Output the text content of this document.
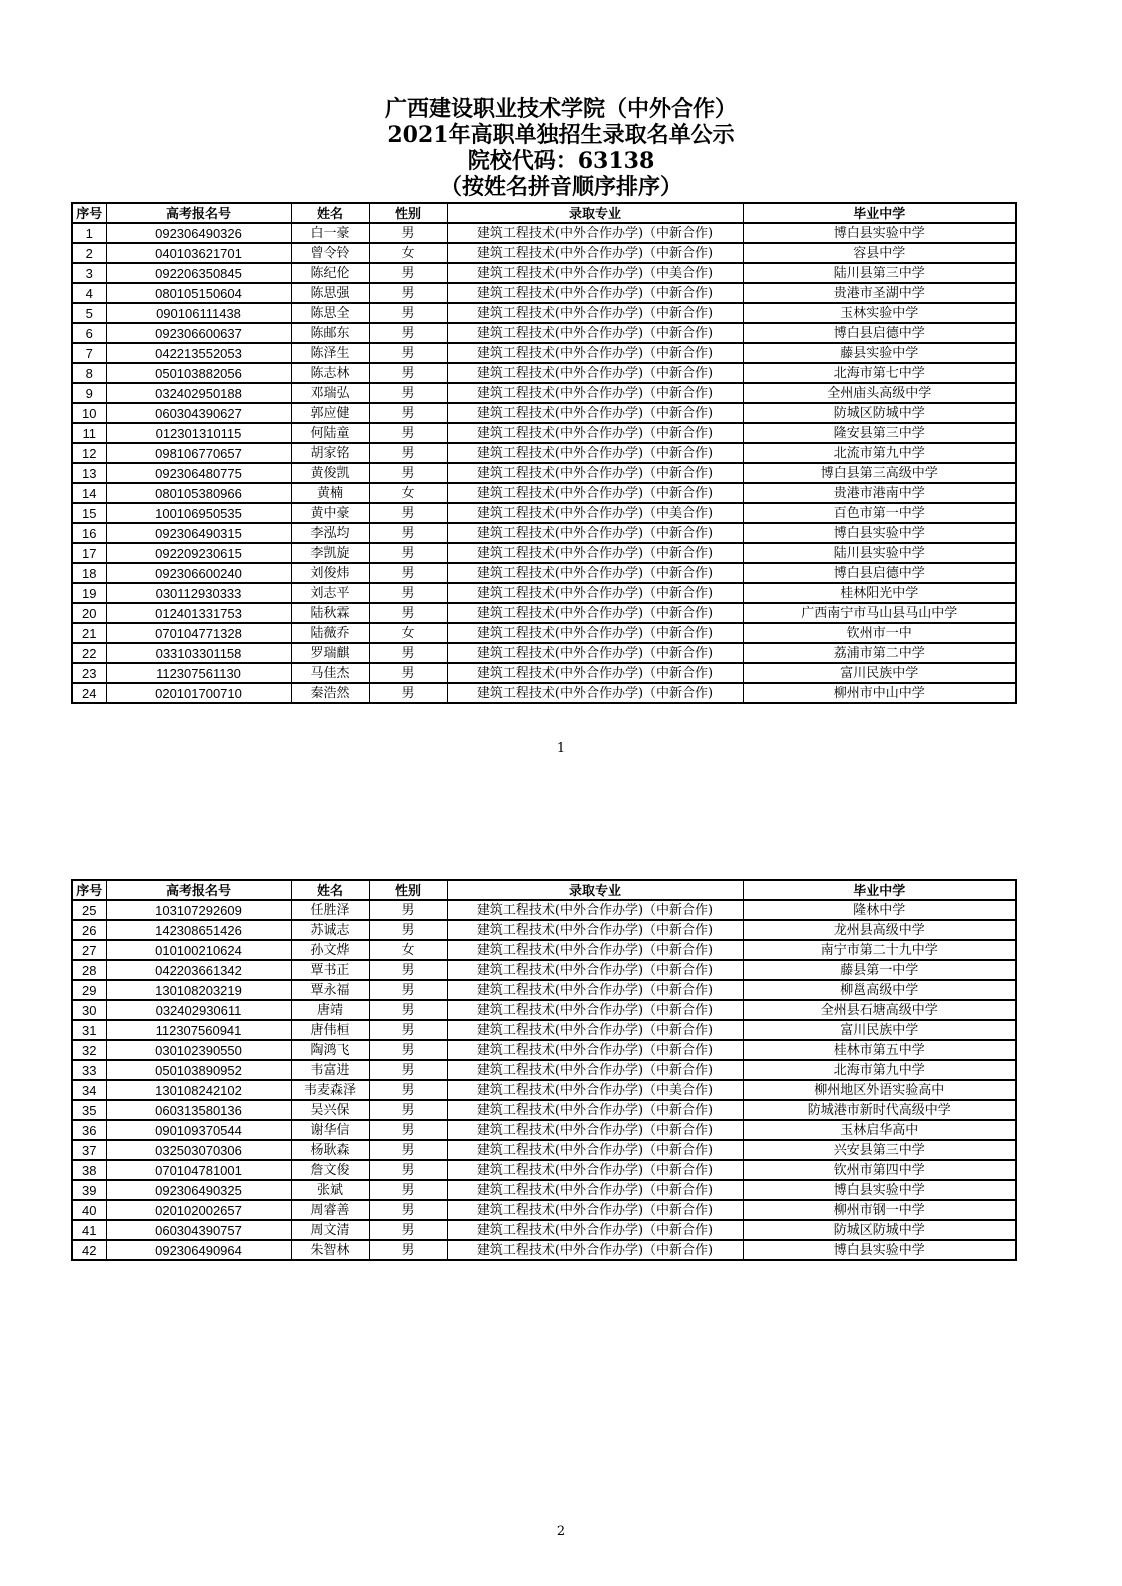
广西建设职业技术学院（中外合作）
2021年高职单独招生录取名单公示
院校代码：63138
（按姓名拼音顺序排序）
序号	高考报名号	姓名	性别	录取专业	毕业中学
1	092306490326	白一豪	男	建筑工程技术(中外合作办学)（中新合作)	博白县实验中学
2	040103621701	曾令铃	女	建筑工程技术(中外合作办学)（中新合作)	容县中学
3	092206350845	陈纪伦	男	建筑工程技术(中外合作办学)（中美合作)	陆川县第三中学
4	080105150604	陈思强	男	建筑工程技术(中外合作办学)（中新合作)	贵港市圣湖中学
5	090106111438	陈思全	男	建筑工程技术(中外合作办学)（中新合作)	玉林实验中学
6	092306600637	陈邮东	男	建筑工程技术(中外合作办学)（中新合作)	博白县启德中学
7	042213552053	陈泽生	男	建筑工程技术(中外合作办学)（中新合作)	藤县实验中学
8	050103882056	陈志林	男	建筑工程技术(中外合作办学)（中新合作)	北海市第七中学
9	032402950188	邓瑞弘	男	建筑工程技术(中外合作办学)（中新合作)	全州庙头高级中学
10	060304390627	郭应健	男	建筑工程技术(中外合作办学)（中新合作)	防城区防城中学
11	012301310115	何陆童	男	建筑工程技术(中外合作办学)（中新合作)	隆安县第三中学
12	098106770657	胡家铭	男	建筑工程技术(中外合作办学)（中新合作)	北流市第九中学
13	092306480775	黄俊凯	男	建筑工程技术(中外合作办学)（中新合作)	博白县第三高级中学
14	080105380966	黄楠	女	建筑工程技术(中外合作办学)（中新合作)	贵港市港南中学
15	100106950535	黄中豪	男	建筑工程技术(中外合作办学)（中美合作)	百色市第一中学
16	092306490315	李泓均	男	建筑工程技术(中外合作办学)（中新合作)	博白县实验中学
17	092209230615	李凯旋	男	建筑工程技术(中外合作办学)（中新合作)	陆川县实验中学
18	092306600240	刘俊炜	男	建筑工程技术(中外合作办学)（中新合作)	博白县启德中学
19	030112930333	刘志平	男	建筑工程技术(中外合作办学)（中新合作)	桂林阳光中学
20	012401331753	陆秋霖	男	建筑工程技术(中外合作办学)（中新合作)	广西南宁市马山县马山中学
21	070104771328	陆薇乔	女	建筑工程技术(中外合作办学)（中新合作)	钦州市一中
22	033103301158	罗瑞麒	男	建筑工程技术(中外合作办学)（中新合作)	荔浦市第二中学
23	112307561130	马佳杰	男	建筑工程技术(中外合作办学)（中新合作)	富川民族中学
24	020101700710	秦浩然	男	建筑工程技术(中外合作办学)（中新合作)	柳州市中山中学
1
序号	高考报名号	姓名	性别	录取专业	毕业中学
25	103107292609	任胜泽	男	建筑工程技术(中外合作办学)（中新合作)	隆林中学
26	142308651426	苏诚志	男	建筑工程技术(中外合作办学)（中新合作)	龙州县高级中学
27	010100210624	孙文烨	女	建筑工程技术(中外合作办学)（中新合作)	南宁市第二十九中学
28	042203661342	覃书正	男	建筑工程技术(中外合作办学)（中新合作)	藤县第一中学
29	130108203219	覃永福	男	建筑工程技术(中外合作办学)（中新合作)	柳邕高级中学
30	032402930611	唐靖	男	建筑工程技术(中外合作办学)（中新合作)	全州县石塘高级中学
31	112307560941	唐伟桓	男	建筑工程技术(中外合作办学)（中新合作)	富川民族中学
32	030102390550	陶鸿飞	男	建筑工程技术(中外合作办学)（中新合作)	桂林市第五中学
33	050103890952	韦富进	男	建筑工程技术(中外合作办学)（中新合作)	北海市第九中学
34	130108242102	韦麦森泽	男	建筑工程技术(中外合作办学)（中美合作)	柳州地区外语实验高中
35	060313580136	吴兴保	男	建筑工程技术(中外合作办学)（中新合作)	防城港市新时代高级中学
36	090109370544	谢华信	男	建筑工程技术(中外合作办学)（中新合作)	玉林启华高中
37	032503070306	杨耿森	男	建筑工程技术(中外合作办学)（中新合作)	兴安县第三中学
38	070104781001	詹文俊	男	建筑工程技术(中外合作办学)（中新合作)	钦州市第四中学
39	092306490325	张斌	男	建筑工程技术(中外合作办学)（中新合作)	博白县实验中学
40	020102002657	周睿善	男	建筑工程技术(中外合作办学)（中新合作)	柳州市钢一中学
41	060304390757	周文清	男	建筑工程技术(中外合作办学)（中新合作)	防城区防城中学
42	092306490964	朱智林	男	建筑工程技术(中外合作办学)（中新合作)	博白县实验中学
2
